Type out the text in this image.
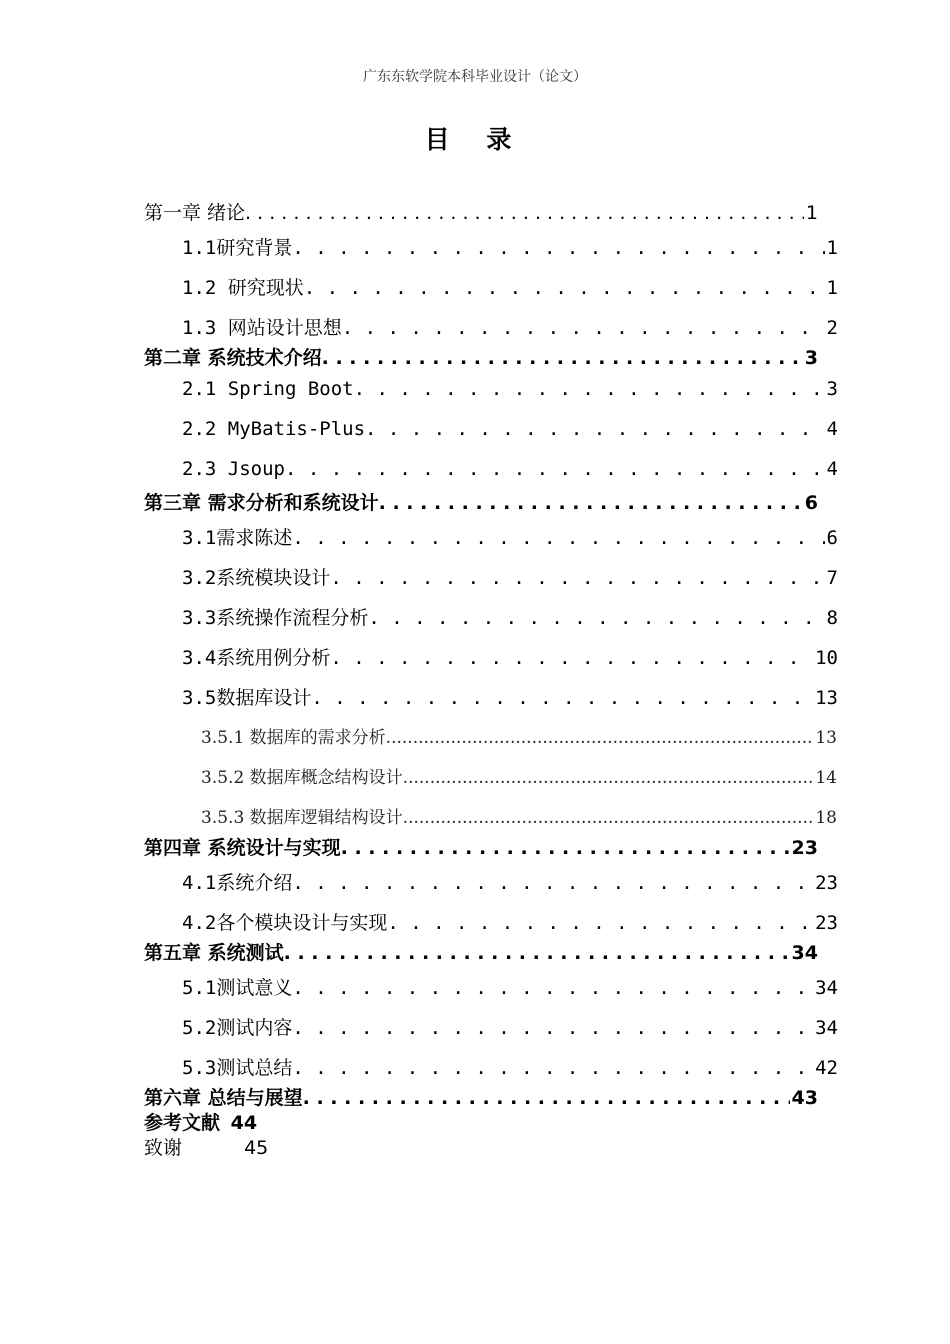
广东东软学院本科毕业设计（论文）
目 录
第一章 绪论 . . .	1
1.1研究背景 . . .	1
1.2 研究现状 . . .	1
1.3 网站设计思想 . . .	2
第二章 系统技术介绍 . . .	3
2.1 Spring Boot . . .	3
2.2 MyBatis-Plus . . .	4
2.3 Jsoup . . .	4
第三章 需求分析和系统设计 . . .	6
3.1需求陈述 . . .	6
3.2系统模块设计 . . .	7
3.3系统操作流程分析 . . .	8
3.4系统用例分析 . . .	10
3.5数据库设计 . . .	13
3.5.1 数据库的需求分析 .....	13
3.5.2 数据库概念结构设计 .....	14
3.5.3 数据库逻辑结构设计 .....	18
第四章 系统设计与实现 . . .	23
4.1系统介绍 . . .	23
4.2各个模块设计与实现 . . .	23
第五章 系统测试 . . .	34
5.1测试意义 . . .	34
5.2测试内容 . . .	34
5.3测试总结 . . .	42
第六章 总结与展望 . . .	43
参考文献 44
致谢	45
